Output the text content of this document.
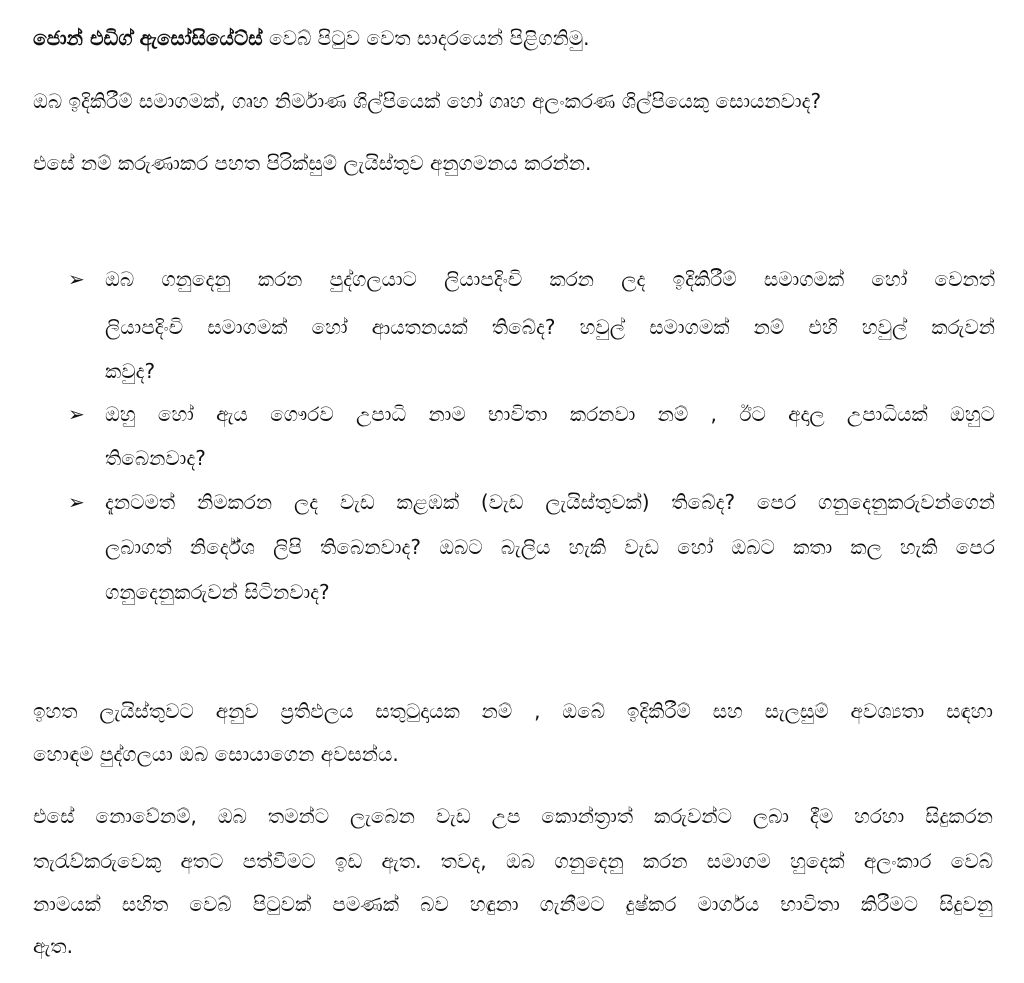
ජොන් එඩිග් ඇසෝසියේට්ස් වෙබ් පිටුව වෙත සාදරයෙන් පිළිගනිමු.
ඔබ ඉදිකිරීම් සමාගමක්, ගෘහ නිර්මාණ ශිල්පියෙක් හෝ ගෘහ අලංකරණ ශිල්පියෙකු සොයනවාද?
එසේ නම් කරුණාකර පහත පිරික්සුම් ලැයිස්තුව අනුගමනය කරන්න.
➢	ඔබ ගනුදෙනු කරන පුද්ගලයාට ලියාපදිංචි කරන ලද ඉදිකිරීම් සමාගමක් හෝ වෙනත්
ලියාපදිංචි සමාගමක් හෝ ආයතනයක් තිබේද? හවුල් සමාගමක් නම් එහි හවුල් කරුවන්
කවුද?
➢	ඔහු හෝ ඇය ගෞරව උපාධි නාම භාවිතා කරනවා නම් , ඊට අදාල උපාධියක් ඔහුට
තිබෙනවාද?
➢	දැනටමත් නිමකරන ලද වැඩ කළඹක් (වැඩ ලැයිස්තුවක්) තිබේද? පෙර ගනුදෙනුකරුවන්ගෙන්
ලබාගත් නිර්දේශ ලිපි තිබෙනවාද? ඔබට බැලිය හැකි වැඩ හෝ ඔබට කතා කල හැකි පෙර
ගනුදෙනුකරුවන් සිටිනවාද?
ඉහත ලැයිස්තුවට අනුව ප්‍රතිඵලය සතුටුදායක නම් , ඔබේ ඉදිකිරීම් සහ සැලසුම් අවශ්‍යතා සඳහා
හොඳම පුද්ගලයා ඔබ සොයාගෙන අවසන්ය.
එසේ නොවේනම්, ඔබ තමන්ට ලැබෙන වැඩ උප කොන්ත්‍රාත් කරුවන්ට ලබා දීම හරහා සිදුකරන
තැරැව්කරුවෙකු අතට පත්වීමට ඉඩ ඇත. තවද, ඔබ ගනුදෙනු කරන සමාගම හුදෙක් අලංකාර වෙබ්
නාමයක් සහිත වෙබ් පිටුවක් පමණක් බව හඳුනා ගැනීමට දුෂ්කර මාර්ගය භාවිතා කිරීමට සිදුවනු
ඇත.
